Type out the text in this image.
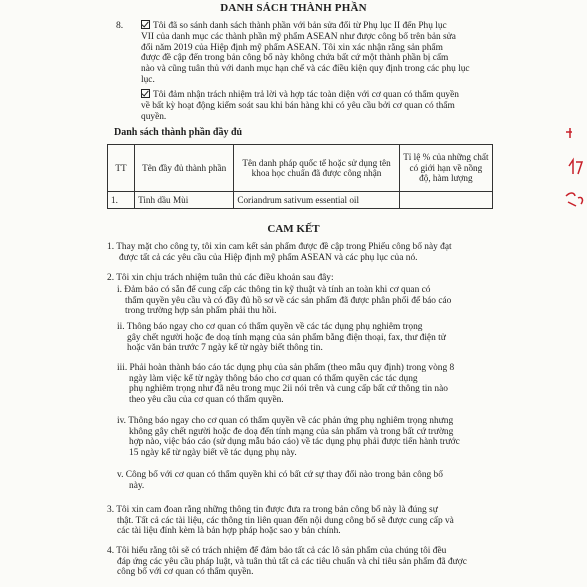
DANH SÁCH THÀNH PHẦN
8.	Tôi đã so sánh danh sách thành phần với bản sửa đổi từ Phụ lục II đến Phụ lục

VII của danh mục các thành phần mỹ phẩm ASEAN như được công bố trên bản sửa

đổi năm 2019 của Hiệp định mỹ phẩm ASEAN. Tôi xin xác nhận rằng sản phẩm

được đề cập đến trong bản công bố này không chứa bất cứ một thành phần bị cấm

nào và cũng tuân thủ với danh mục hạn chế và các điều kiện quy định trong các phụ lục

lục.

Tôi đảm nhận trách nhiệm trả lời và hợp tác toàn diện với cơ quan có thẩm quyền

về bất kỳ hoạt động kiểm soát sau khi bán hàng khi có yêu cầu bởi cơ quan có thẩm

quyền.

Danh sách thành phần đầy đủ
TT	Tên đầy đủ thành phần	Tên danh pháp quốc tế hoặc sử dụng tên khoa học chuẩn đã được công nhận	Tỉ lệ % của những chất có giới hạn về nồng độ, hàm lượng
1.	Tinh dầu Mùi	Coriandrum sativum essential oil	
CAM KẾT

1. Thay mặt cho công ty, tôi xin cam kết sản phẩm được đề cập trong Phiếu công bố này đạt

được tất cả các yêu cầu của Hiệp định mỹ phẩm ASEAN và các phụ lục của nó.

2. Tôi xin chịu trách nhiệm tuân thủ các điều khoản sau đây:

i. Đảm bảo có sẵn để cung cấp các thông tin kỹ thuật và tính an toàn khi cơ quan có

thẩm quyền yêu cầu và có đầy đủ hồ sơ về các sản phẩm đã được phân phối để báo cáo

trong trường hợp sản phẩm phải thu hồi.

ii. Thông báo ngay cho cơ quan có thẩm quyền về các tác dụng phụ nghiêm trọng

gây chết người hoặc đe doạ tính mạng của sản phẩm bằng điện thoại, fax, thư điện tử

hoặc văn bản trước 7 ngày kể từ ngày biết thông tin.

iii. Phải hoàn thành báo cáo tác dụng phụ của sản phẩm (theo mẫu quy định) trong vòng 8

ngày làm việc kể từ ngày thông báo cho cơ quan có thẩm quyền các tác dụng

phụ nghiêm trọng như đã nêu trong mục 2ii nói trên và cung cấp bất cứ thông tin nào

theo yêu cầu của cơ quan có thẩm quyền.

iv. Thông báo ngay cho cơ quan có thẩm quyền về các phản ứng phụ nghiêm trọng nhưng

không gây chết người hoặc đe doạ đến tính mạng của sản phẩm và trong bất cứ trường

hợp nào, việc báo cáo (sử dụng mẫu báo cáo) về tác dụng phụ phải được tiến hành trước

15 ngày kể từ ngày biết về tác dụng phụ này.

v. Công bố với cơ quan có thẩm quyền khi có bất cứ sự thay đổi nào trong bản công bố

này.

3. Tôi xin cam đoan rằng những thông tin được đưa ra trong bản công bố này là đúng sự

thật. Tất cả các tài liệu, các thông tin liên quan đến nội dung công bố sẽ được cung cấp và

các tài liệu đính kèm là bản hợp pháp hoặc sao y bản chính.

4. Tôi hiểu rằng tôi sẽ có trách nhiệm để đảm bảo tất cả các lô sản phẩm của chúng tôi đều

đáp ứng các yêu cầu pháp luật, và tuân thủ tất cả các tiêu chuẩn và chỉ tiêu sản phẩm đã được

công bố với cơ quan có thẩm quyền.
